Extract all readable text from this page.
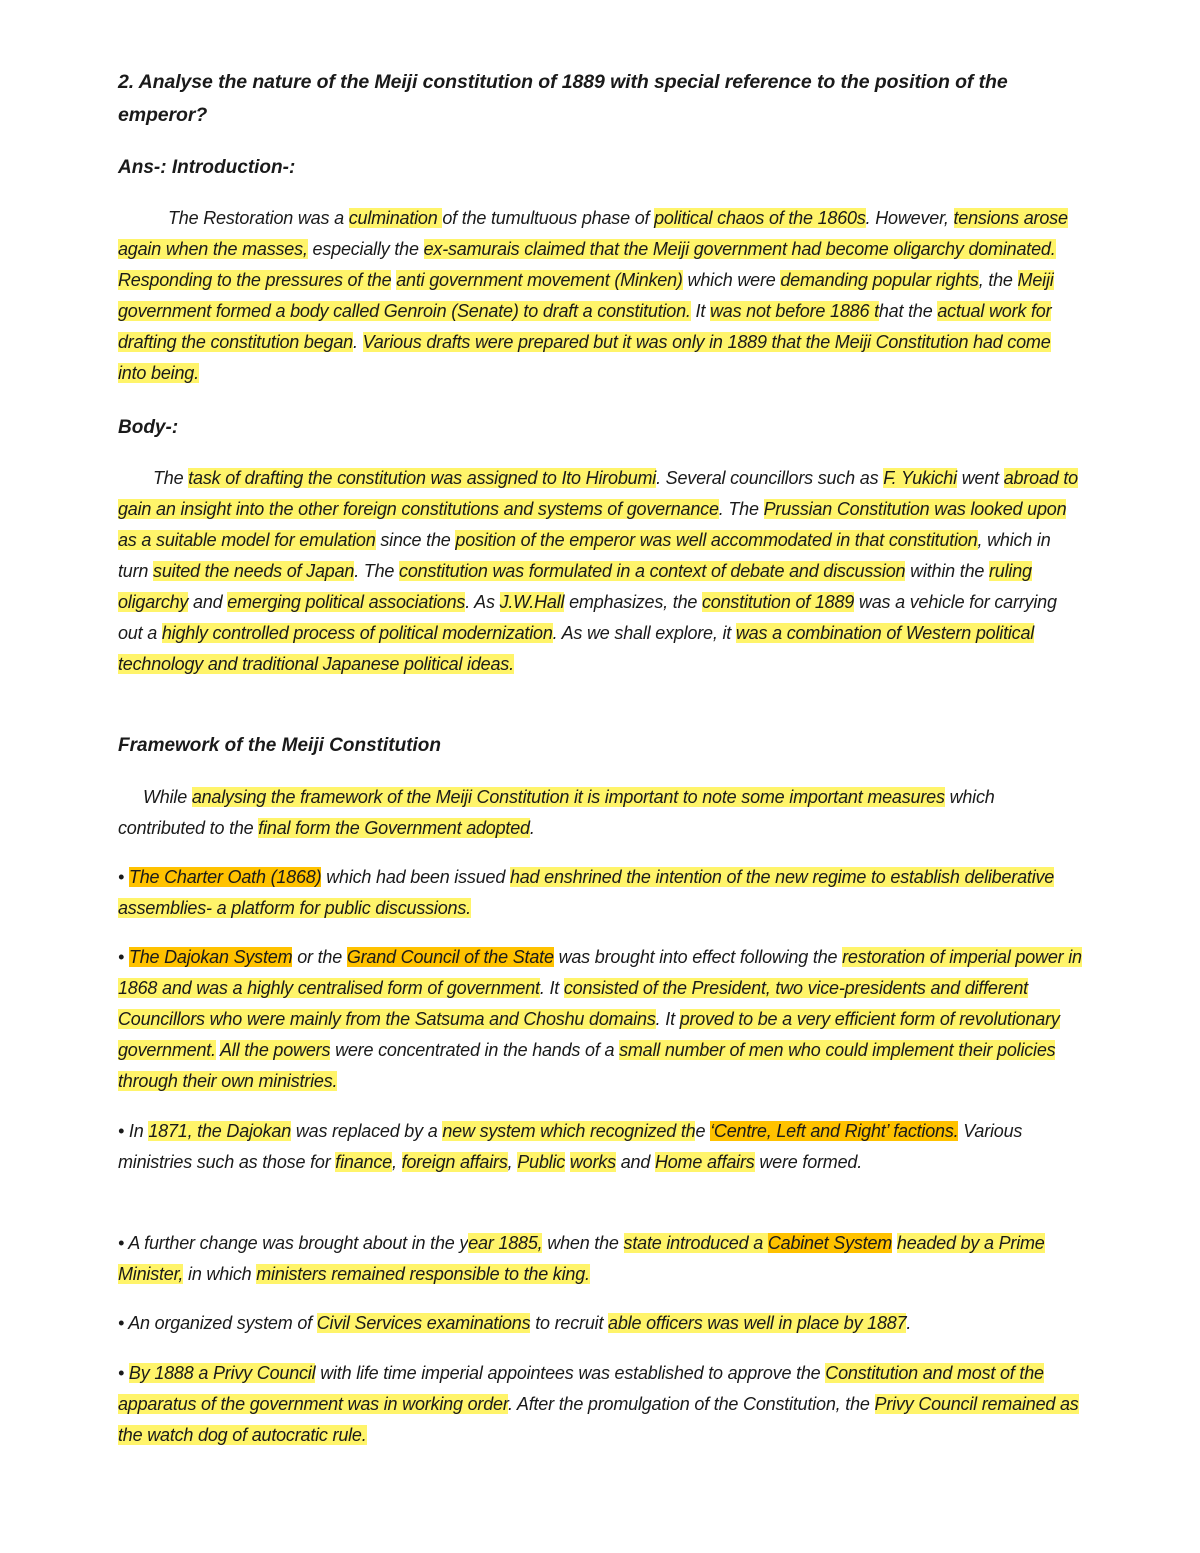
2. Analyse the nature of the Meiji constitution of 1889 with special reference to the position of the emperor?
Ans-: Introduction-:
The Restoration was a culmination of the tumultuous phase of political chaos of the 1860s. However, tensions arose again when the masses, especially the ex-samurais claimed that the Meiji government had become oligarchy dominated. Responding to the pressures of the anti government movement (Minken) which were demanding popular rights, the Meiji government formed a body called Genroin (Senate) to draft a constitution. It was not before 1886 that the actual work for drafting the constitution began. Various drafts were prepared but it was only in 1889 that the Meiji Constitution had come into being.
Body-:
The task of drafting the constitution was assigned to Ito Hirobumi. Several councillors such as F. Yukichi went abroad to gain an insight into the other foreign constitutions and systems of governance. The Prussian Constitution was looked upon as a suitable model for emulation since the position of the emperor was well accommodated in that constitution, which in turn suited the needs of Japan. The constitution was formulated in a context of debate and discussion within the ruling oligarchy and emerging political associations. As J.W.Hall emphasizes, the constitution of 1889 was a vehicle for carrying out a highly controlled process of political modernization. As we shall explore, it was a combination of Western political technology and traditional Japanese political ideas.
Framework of the Meiji Constitution
While analysing the framework of the Meiji Constitution it is important to note some important measures which contributed to the final form the Government adopted.
• The Charter Oath (1868) which had been issued had enshrined the intention of the new regime to establish deliberative assemblies- a platform for public discussions.
• The Dajokan System or the Grand Council of the State was brought into effect following the restoration of imperial power in 1868 and was a highly centralised form of government. It consisted of the President, two vice-presidents and different Councillors who were mainly from the Satsuma and Choshu domains. It proved to be a very efficient form of revolutionary government. All the powers were concentrated in the hands of a small number of men who could implement their policies through their own ministries.
• In 1871, the Dajokan was replaced by a new system which recognized the ‘Centre, Left and Right’ factions. Various ministries such as those for finance, foreign affairs, Public works and Home affairs were formed.
• A further change was brought about in the year 1885, when the state introduced a Cabinet System headed by a Prime Minister, in which ministers remained responsible to the king.
• An organized system of Civil Services examinations to recruit able officers was well in place by 1887.
• By 1888 a Privy Council with life time imperial appointees was established to approve the Constitution and most of the apparatus of the government was in working order. After the promulgation of the Constitution, the Privy Council remained as the watch dog of autocratic rule.
